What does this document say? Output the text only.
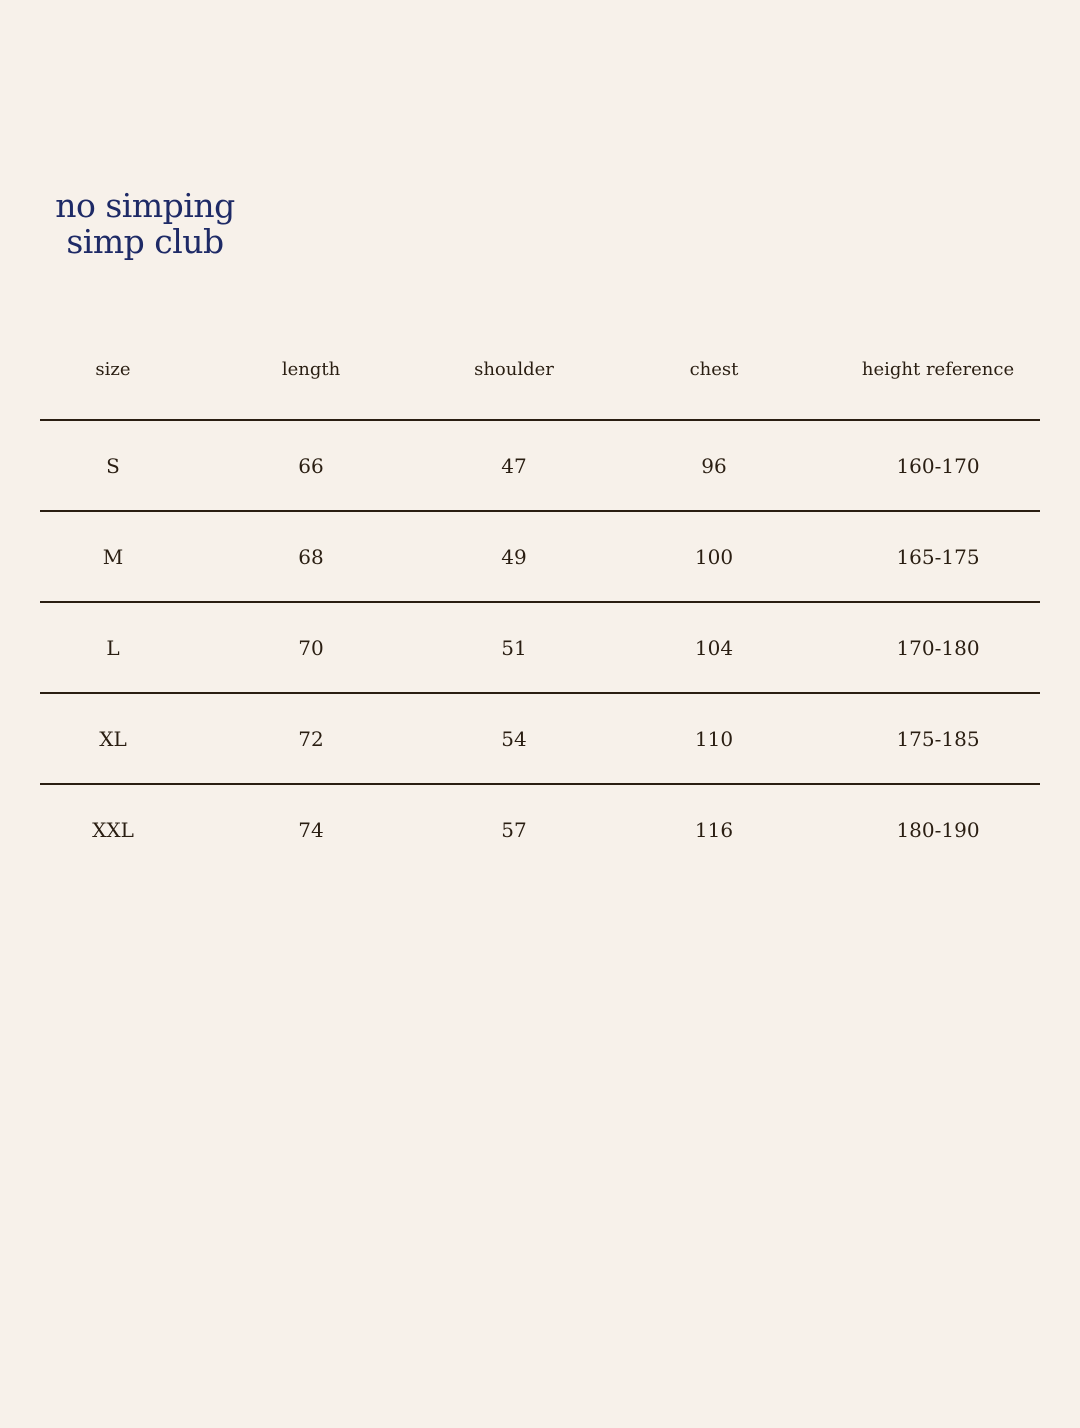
no simping
simp club
size	length	shoulder	chest	height reference
S	66	47	96	160-170
M	68	49	100	165-175
L	70	51	104	170-180
XL	72	54	110	175-185
XXL	74	57	116	180-190
